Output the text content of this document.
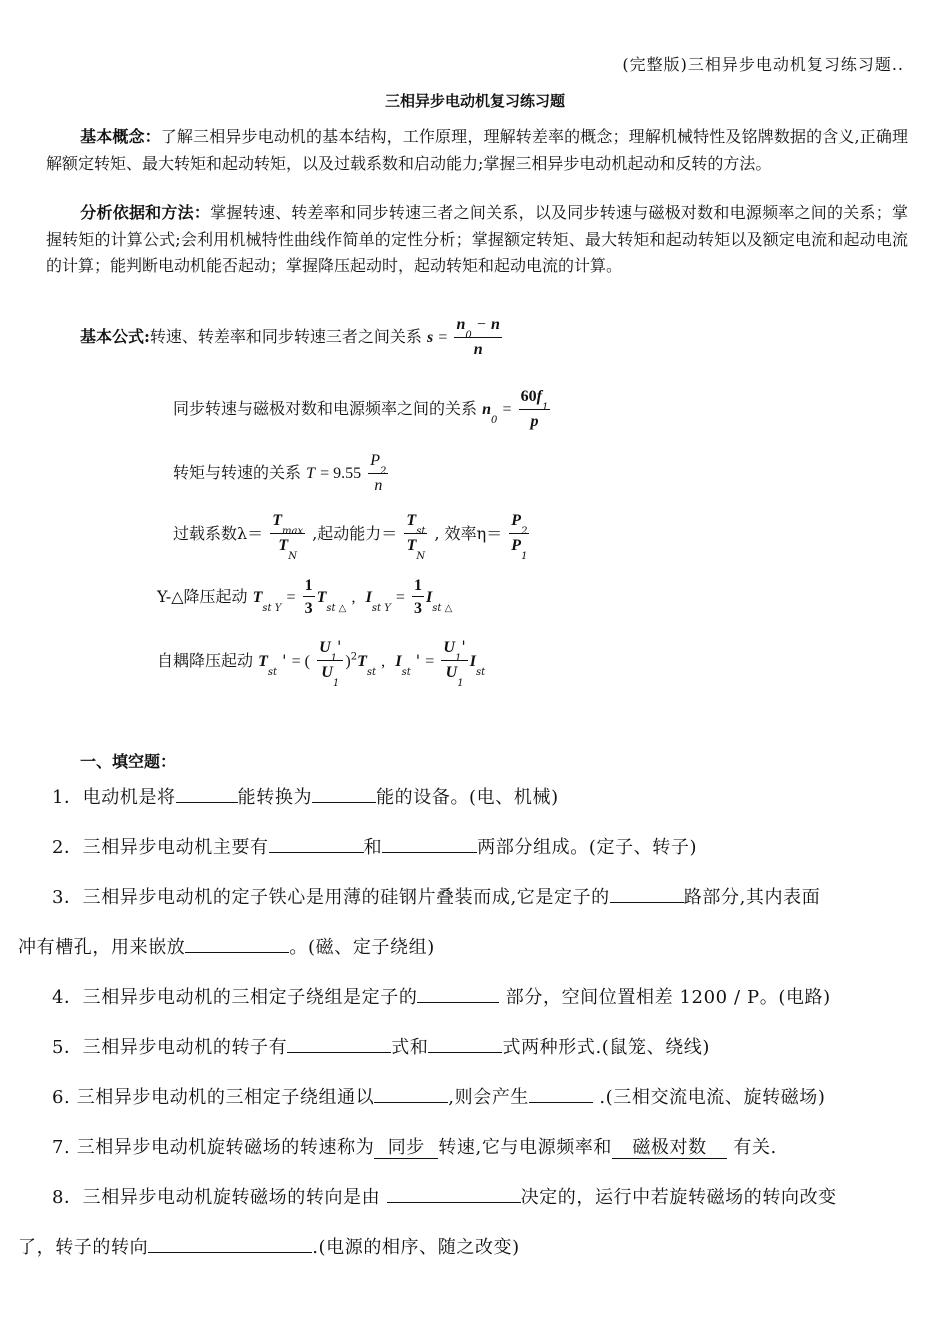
(完整版)三相异步电动机复习练习题..
三相异步电动机复习练习题
基本概念：了解三相异步电动机的基本结构，工作原理，理解转差率的概念；理解机械特性及铭牌数据的含义,正确理解额定转矩、最大转矩和起动转矩，以及过载系数和启动能力;掌握三相异步电动机起动和反转的方法。
分析依据和方法：掌握转速、转差率和同步转速三者之间关系，以及同步转速与磁极对数和电源频率之间的关系；掌握转矩的计算公式;会利用机械特性曲线作简单的定性分析；掌握额定转矩、最大转矩和起动转矩以及额定电流和起动电流的计算；能判断电动机能否起动；掌握降压起动时，起动转矩和起动电流的计算。
基本公式:转速、转差率和同步转速三者之间关系 $s = \frac{n_0 - n}{n}$
同步转速与磁极对数和电源频率之间的关系 $n_0 = \frac{60f_1}{p}$
转矩与转速的关系 $T = 9.55 \frac{P_2}{n}$
过载系数$\lambda= \frac{T_{max}}{T_N}$ ,起动能力＝ $\frac{T_{st}}{T_N}$ , 效率$\eta= \frac{P_2}{P_1}$
Y-△降压起动 $T_{st Y} = \frac{1}{3} T_{st \triangle}$ , $I_{st Y} = \frac{1}{3} I_{st \triangle}$
自耦降压起动 $T_{st}$ ' = ( $\frac{U_1'}{U_1} )^2T_{st}$ , $I_{st}$ ' = $\frac{U_1'}{U_1} I_{st}$
一、填空题：
1．电动机是将	能转换为	能的设备。(电、机械)
2．三相异步电动机主要有	和	两部分组成。(定子、转子)
3．三相异步电动机的定子铁心是用薄的硅钢片叠装而成,它是定子的	路部分,其内表面
冲有槽孔，用来嵌放	。(磁、定子绕组)
4．三相异步电动机的三相定子绕组是定子的	部分，空间位置相差 1200 / P。(电路)
5．三相异步电动机的转子有	式和	式两种形式.(鼠笼、绕线)
6. 三相异步电动机的三相定子绕组通以	,则会产生	.(三相交流电流、旋转磁场)
7. 三相异步电动机旋转磁场的转速称为 同步 转速,它与电源频率和 磁极对数 有关.
8．三相异步电动机旋转磁场的转向是由	决定的，运行中若旋转磁场的转向改变
了，转子的转向	.(电源的相序、随之改变)
